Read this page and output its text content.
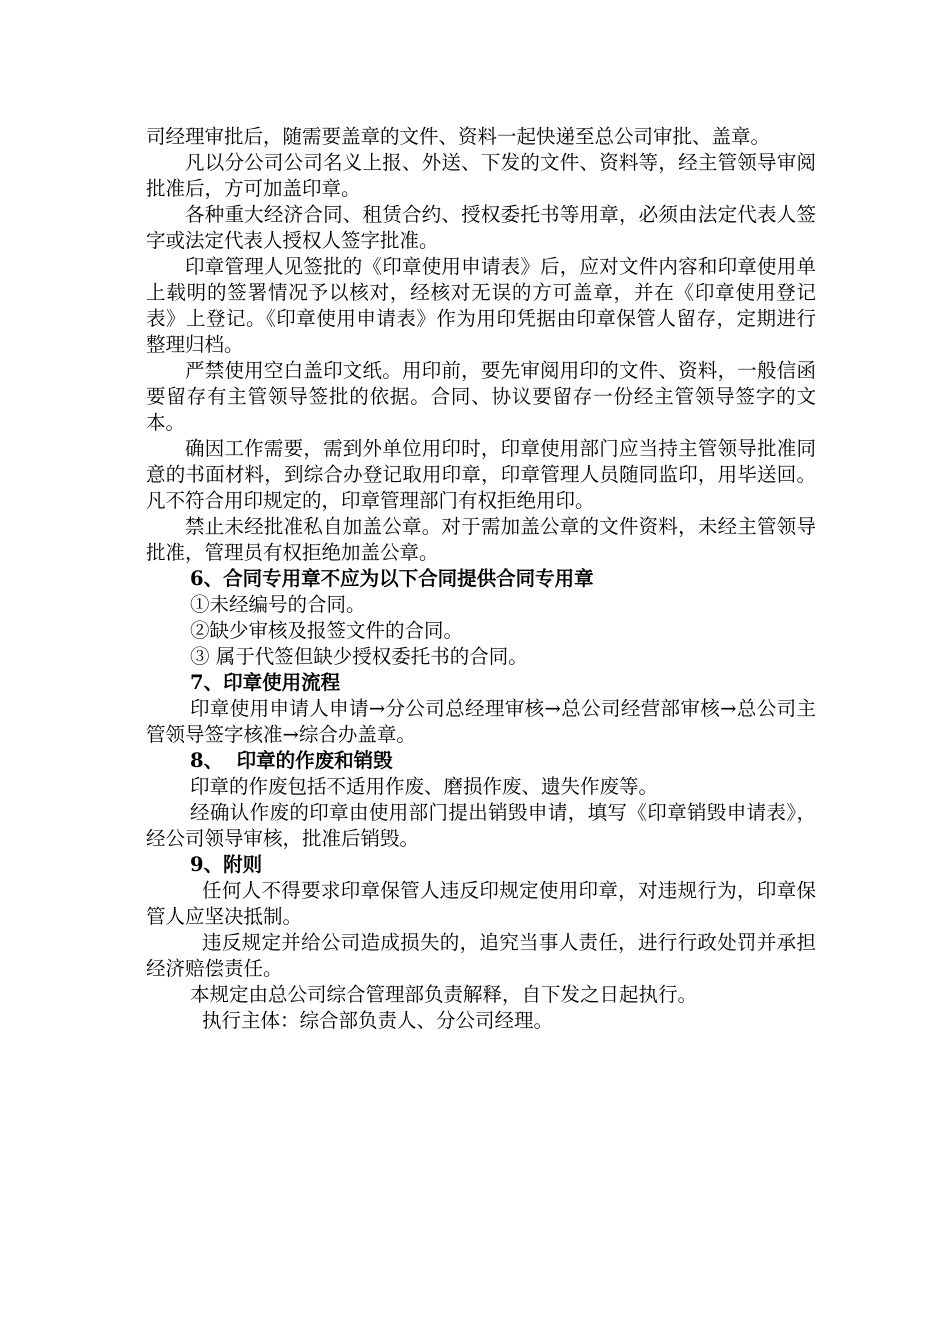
司经理审批后，随需要盖章的文件、资料一起快递至总公司审批、盖章。

凡以分公司公司名义上报、外送、下发的文件、资料等，经主管领导审阅批准后，方可加盖印章。

各种重大经济合同、租赁合约、授权委托书等用章，必须由法定代表人签字或法定代表人授权人签字批准。

印章管理人见签批的《印章使用申请表》后，应对文件内容和印章使用单上载明的签署情况予以核对，经核对无误的方可盖章，并在《印章使用登记表》上登记。《印章使用申请表》作为用印凭据由印章保管人留存，定期进行整理归档。

严禁使用空白盖印文纸。用印前，要先审阅用印的文件、资料，一般信函要留存有主管领导签批的依据。合同、协议要留存一份经主管领导签字的文本。

确因工作需要，需到外单位用印时，印章使用部门应当持主管领导批准同意的书面材料，到综合办登记取用印章，印章管理人员随同监印，用毕送回。凡不符合用印规定的，印章管理部门有权拒绝用印。

禁止未经批准私自加盖公章。对于需加盖公章的文件资料，未经主管领导批准，管理员有权拒绝加盖公章。

6、合同专用章不应为以下合同提供合同专用章

①未经编号的合同。

②缺少审核及报签文件的合同。

③ 属于代签但缺少授权委托书的合同。

7、印章使用流程

印章使用申请人申请→分公司总经理审核→总公司经营部审核→总公司主管领导签字核准→综合办盖章。

8、  印章的作废和销毁

印章的作废包括不适用作废、磨损作废、遗失作废等。

经确认作废的印章由使用部门提出销毁申请，填写《印章销毁申请表》，经公司领导审核，批准后销毁。

9、附则

任何人不得要求印章保管人违反印规定使用印章，对违规行为，印章保管人应坚决抵制。

违反规定并给公司造成损失的，追究当事人责任，进行行政处罚并承担经济赔偿责任。

本规定由总公司综合管理部负责解释，自下发之日起执行。

执行主体：综合部负责人、分公司经理。
